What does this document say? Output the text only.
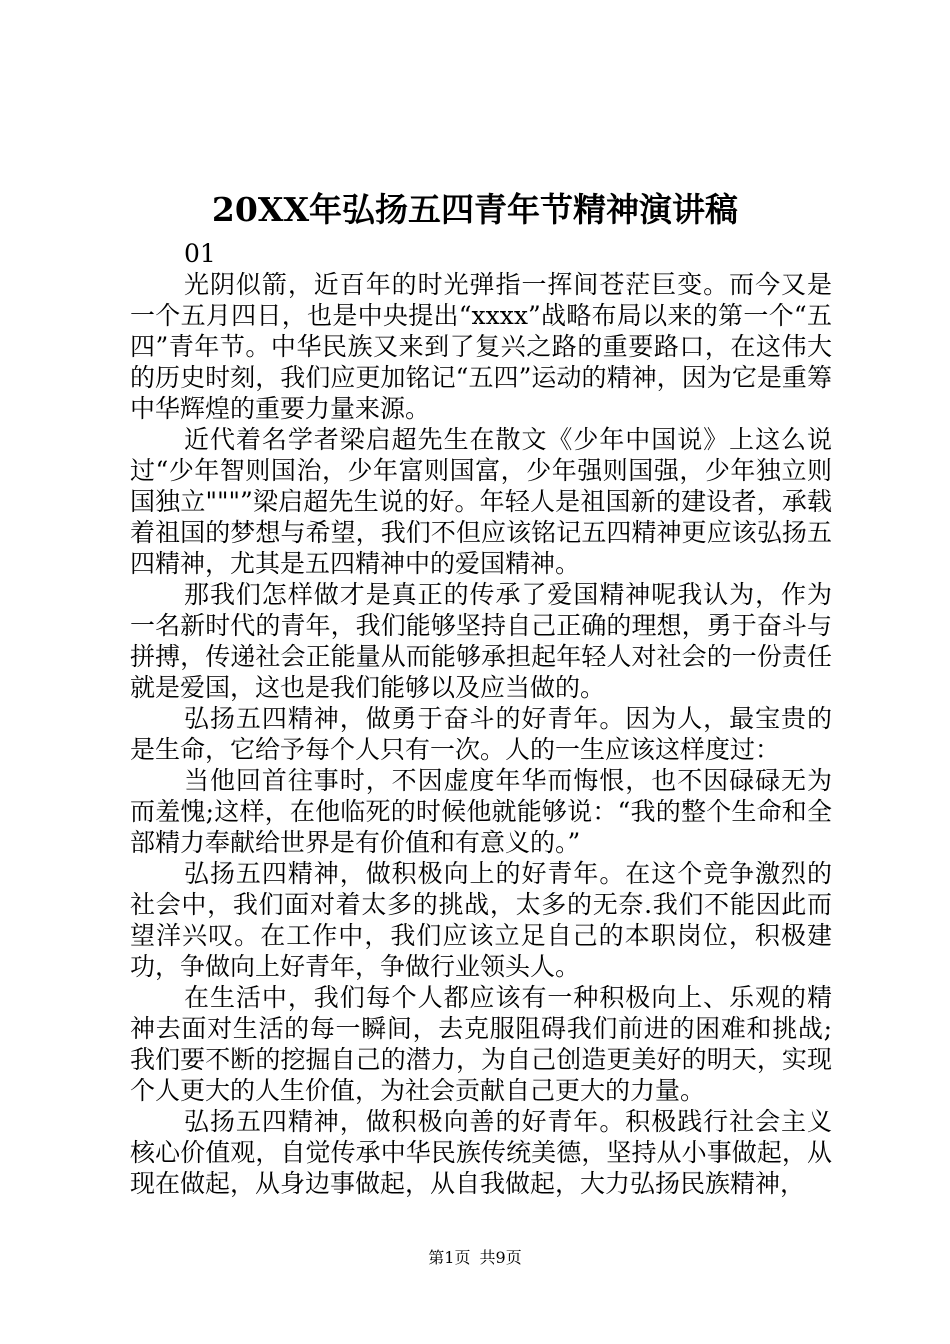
20XX年弘扬五四青年节精神演讲稿

01

光阴似箭，近百年的时光弹指一挥间苍茫巨变。而今又是一个五月四日，也是中央提出“xxxx”战略布局以来的第一个“五四”青年节。中华民族又来到了复兴之路的重要路口，在这伟大的历史时刻，我们应更加铭记“五四”运动的精神，因为它是重筹中华辉煌的重要力量来源。

近代着名学者梁启超先生在散文《少年中国说》上这么说过“少年智则国治，少年富则国富，少年强则国强，少年独立则国独立"""”梁启超先生说的好。年轻人是祖国新的建设者，承载着祖国的梦想与希望，我们不但应该铭记五四精神更应该弘扬五四精神，尤其是五四精神中的爱国精神。

那我们怎样做才是真正的传承了爱国精神呢我认为，作为一名新时代的青年，我们能够坚持自己正确的理想，勇于奋斗与拼搏，传递社会正能量从而能够承担起年轻人对社会的一份责任就是爱国，这也是我们能够以及应当做的。

弘扬五四精神，做勇于奋斗的好青年。因为人，最宝贵的是生命，它给予每个人只有一次。人的一生应该这样度过：

当他回首往事时，不因虚度年华而悔恨，也不因碌碌无为而羞愧;这样，在他临死的时候他就能够说：“我的整个生命和全部精力奉献给世界是有价值和有意义的。”

弘扬五四精神，做积极向上的好青年。在这个竞争激烈的社会中，我们面对着太多的挑战，太多的无奈.我们不能因此而望洋兴叹。在工作中，我们应该立足自己的本职岗位，积极建功，争做向上好青年，争做行业领头人。

在生活中，我们每个人都应该有一种积极向上、乐观的精神去面对生活的每一瞬间，去克服阻碍我们前进的困难和挑战;我们要不断的挖掘自己的潜力，为自己创造更美好的明天，实现个人更大的人生价值，为社会贡献自己更大的力量。

弘扬五四精神，做积极向善的好青年。积极践行社会主义核心价值观，自觉传承中华民族传统美德，坚持从小事做起，从现在做起，从身边事做起，从自我做起，大力弘扬民族精神，

第1页 共9页
